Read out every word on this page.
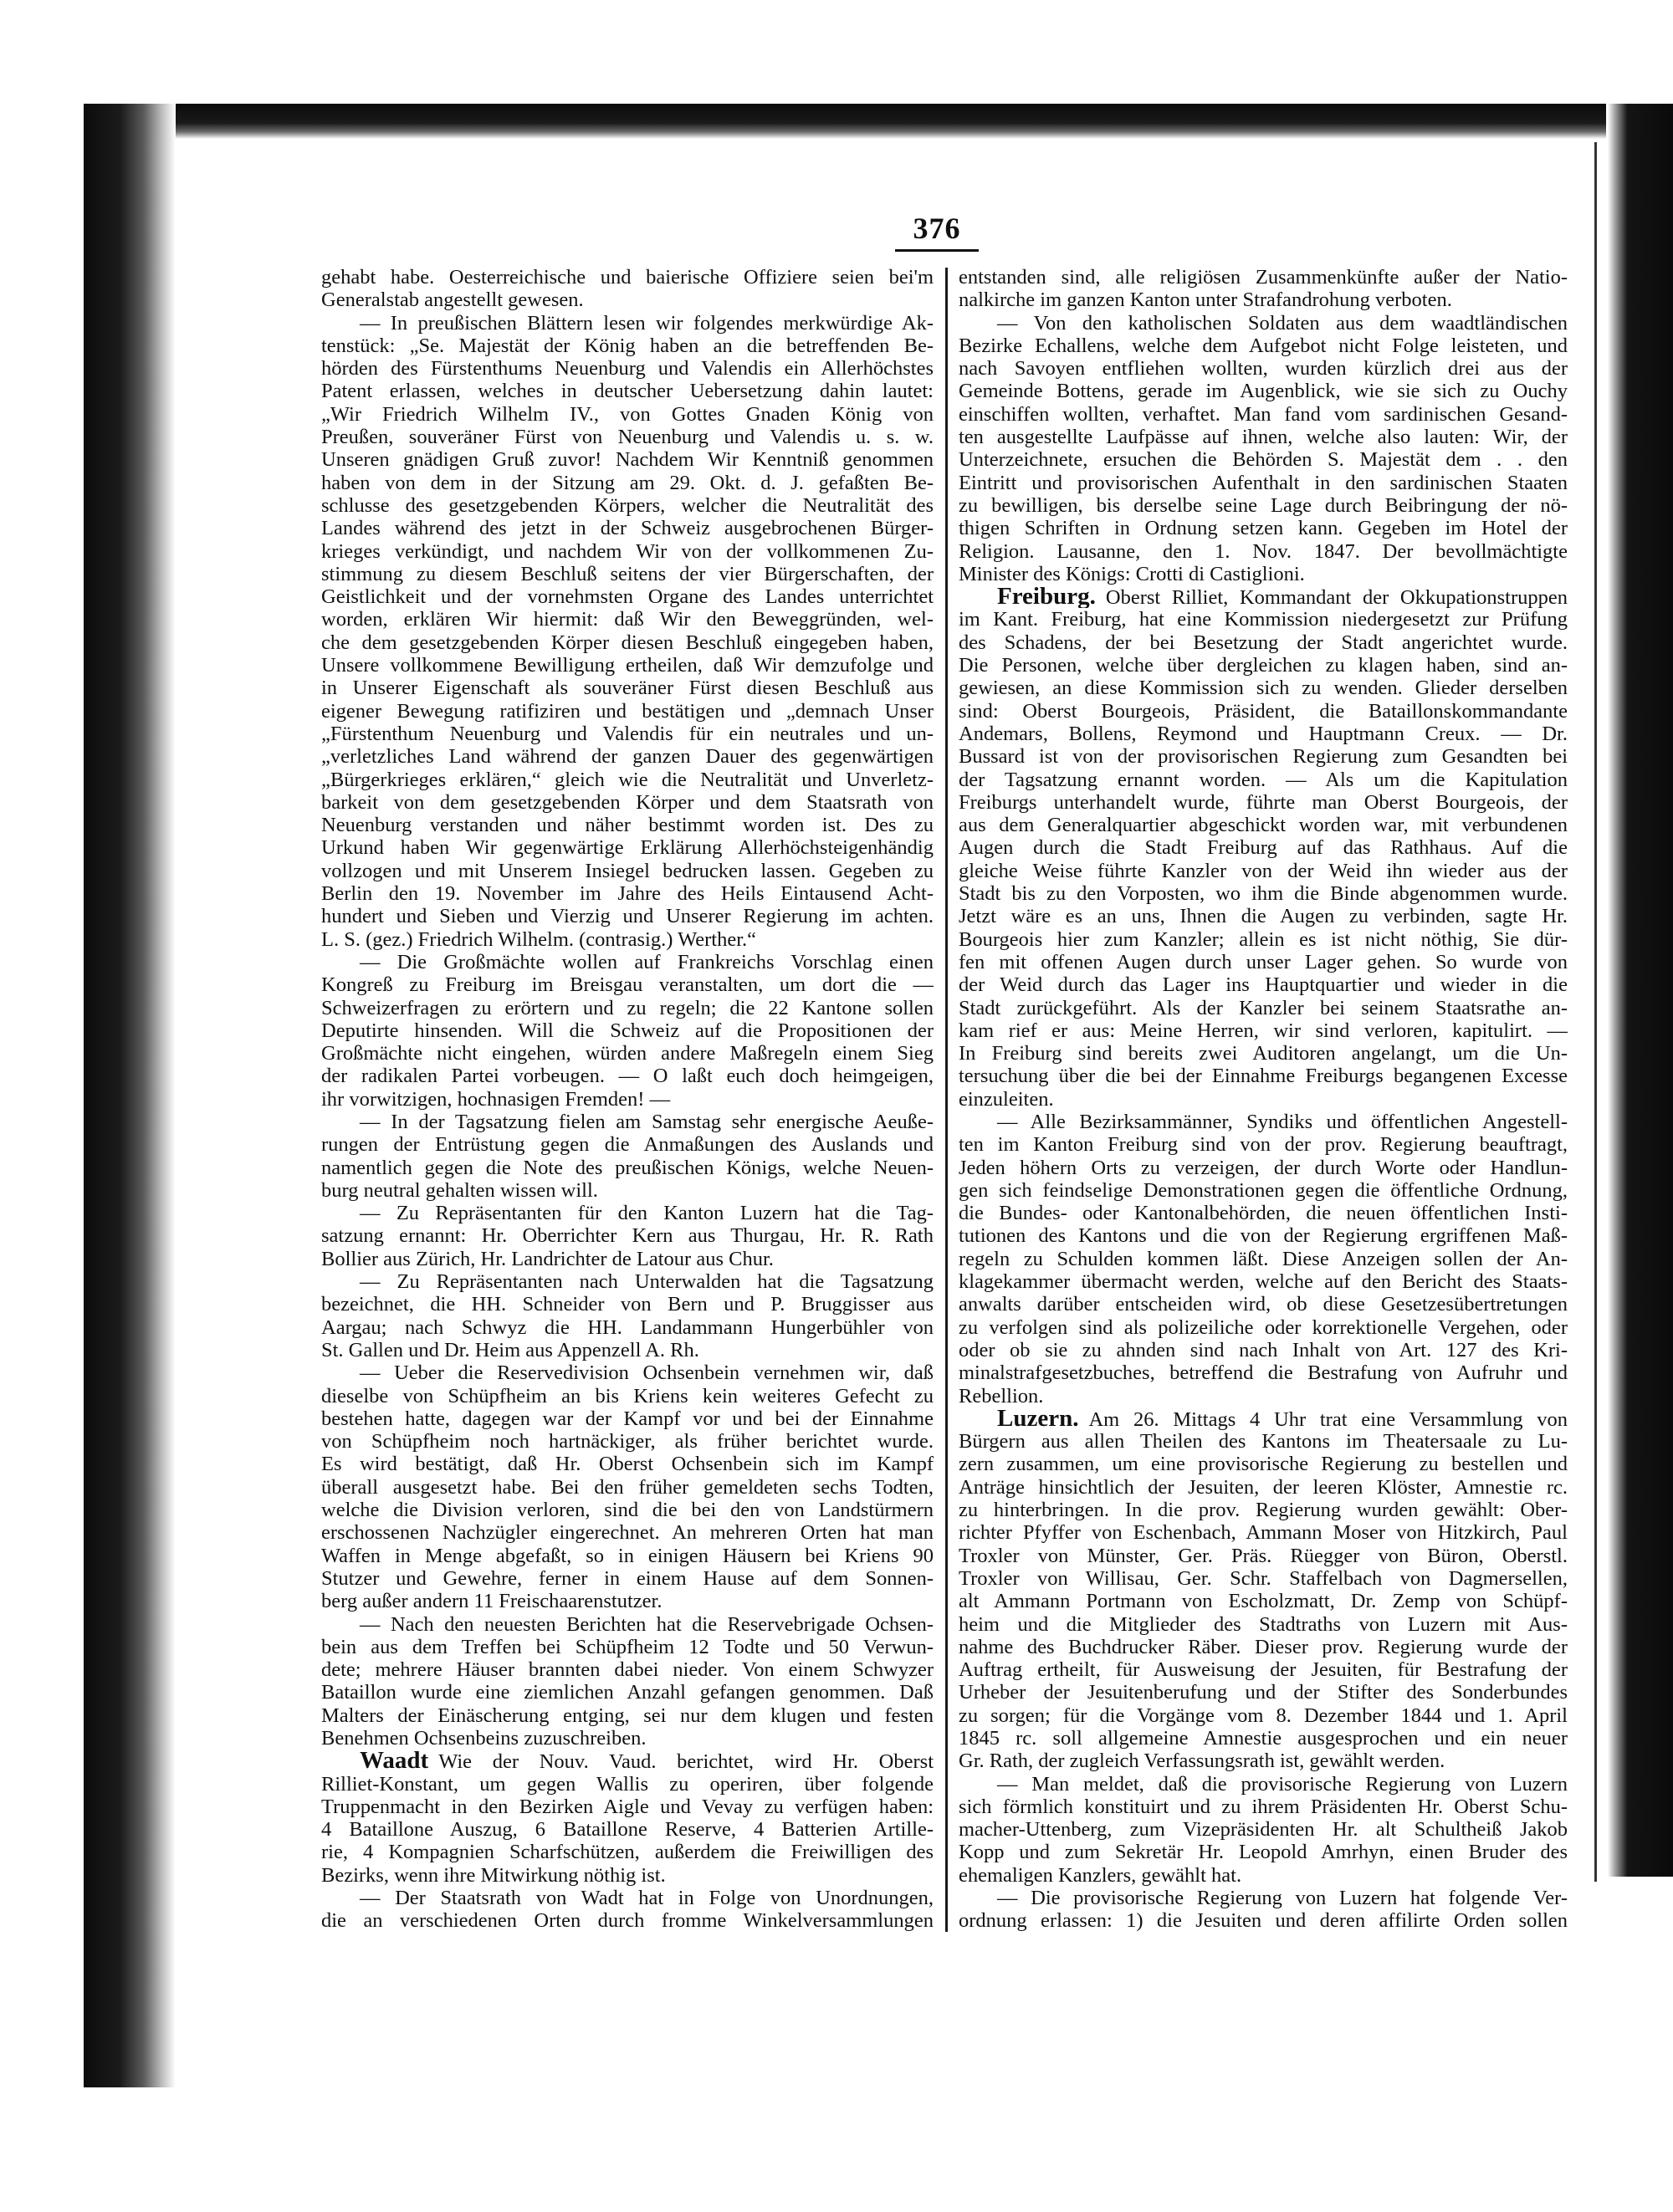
376
gehabt habe. Oesterreichische und baierische Offiziere seien bei'm
Generalstab angestellt gewesen.
— In preußischen Blättern lesen wir folgendes merkwürdige Ak-
tenstück: „Se. Majestät der König haben an die betreffenden Be-
hörden des Fürstenthums Neuenburg und Valendis ein Allerhöchstes
Patent erlassen, welches in deutscher Uebersetzung dahin lautet:
„Wir Friedrich Wilhelm IV., von Gottes Gnaden König von
Preußen, souveräner Fürst von Neuenburg und Valendis u. s. w.
Unseren gnädigen Gruß zuvor! Nachdem Wir Kenntniß genommen
haben von dem in der Sitzung am 29. Okt. d. J. gefaßten Be-
schlusse des gesetzgebenden Körpers, welcher die Neutralität des
Landes während des jetzt in der Schweiz ausgebrochenen Bürger-
krieges verkündigt, und nachdem Wir von der vollkommenen Zu-
stimmung zu diesem Beschluß seitens der vier Bürgerschaften, der
Geistlichkeit und der vornehmsten Organe des Landes unterrichtet
worden, erklären Wir hiermit: daß Wir den Beweggründen, wel-
che dem gesetzgebenden Körper diesen Beschluß eingegeben haben,
Unsere vollkommene Bewilligung ertheilen, daß Wir demzufolge und
in Unserer Eigenschaft als souveräner Fürst diesen Beschluß aus
eigener Bewegung ratifiziren und bestätigen und „demnach Unser
„Fürstenthum Neuenburg und Valendis für ein neutrales und un-
„verletzliches Land während der ganzen Dauer des gegenwärtigen
„Bürgerkrieges erklären,“ gleich wie die Neutralität und Unverletz-
barkeit von dem gesetzgebenden Körper und dem Staatsrath von
Neuenburg verstanden und näher bestimmt worden ist. Des zu
Urkund haben Wir gegenwärtige Erklärung Allerhöchsteigenhändig
vollzogen und mit Unserem Insiegel bedrucken lassen. Gegeben zu
Berlin den 19. November im Jahre des Heils Eintausend Acht-
hundert und Sieben und Vierzig und Unserer Regierung im achten.
L. S. (gez.) Friedrich Wilhelm. (contrasig.) Werther.“
— Die Großmächte wollen auf Frankreichs Vorschlag einen
Kongreß zu Freiburg im Breisgau veranstalten, um dort die —
Schweizerfragen zu erörtern und zu regeln; die 22 Kantone sollen
Deputirte hinsenden. Will die Schweiz auf die Propositionen der
Großmächte nicht eingehen, würden andere Maßregeln einem Sieg
der radikalen Partei vorbeugen. — O laßt euch doch heimgeigen,
ihr vorwitzigen, hochnasigen Fremden! —
— In der Tagsatzung fielen am Samstag sehr energische Aeuße-
rungen der Entrüstung gegen die Anmaßungen des Auslands und
namentlich gegen die Note des preußischen Königs, welche Neuen-
burg neutral gehalten wissen will.
— Zu Repräsentanten für den Kanton Luzern hat die Tag-
satzung ernannt: Hr. Oberrichter Kern aus Thurgau, Hr. R. Rath
Bollier aus Zürich, Hr. Landrichter de Latour aus Chur.
— Zu Repräsentanten nach Unterwalden hat die Tagsatzung
bezeichnet, die HH. Schneider von Bern und P. Bruggisser aus
Aargau; nach Schwyz die HH. Landammann Hungerbühler von
St. Gallen und Dr. Heim aus Appenzell A. Rh.
— Ueber die Reservedivision Ochsenbein vernehmen wir, daß
dieselbe von Schüpfheim an bis Kriens kein weiteres Gefecht zu
bestehen hatte, dagegen war der Kampf vor und bei der Einnahme
von Schüpfheim noch hartnäckiger, als früher berichtet wurde.
Es wird bestätigt, daß Hr. Oberst Ochsenbein sich im Kampf
überall ausgesetzt habe. Bei den früher gemeldeten sechs Todten,
welche die Division verloren, sind die bei den von Landstürmern
erschossenen Nachzügler eingerechnet. An mehreren Orten hat man
Waffen in Menge abgefaßt, so in einigen Häusern bei Kriens 90
Stutzer und Gewehre, ferner in einem Hause auf dem Sonnen-
berg außer andern 11 Freischaarenstutzer.
— Nach den neuesten Berichten hat die Reservebrigade Ochsen-
bein aus dem Treffen bei Schüpfheim 12 Todte und 50 Verwun-
dete; mehrere Häuser brannten dabei nieder. Von einem Schwyzer
Bataillon wurde eine ziemlichen Anzahl gefangen genommen. Daß
Malters der Einäscherung entging, sei nur dem klugen und festen
Benehmen Ochsenbeins zuzuschreiben.
Waadt Wie der Nouv. Vaud. berichtet, wird Hr. Oberst
Rilliet-Konstant, um gegen Wallis zu operiren, über folgende
Truppenmacht in den Bezirken Aigle und Vevay zu verfügen haben:
4 Bataillone Auszug, 6 Bataillone Reserve, 4 Batterien Artille-
rie, 4 Kompagnien Scharfschützen, außerdem die Freiwilligen des
Bezirks, wenn ihre Mitwirkung nöthig ist.
— Der Staatsrath von Wadt hat in Folge von Unordnungen,
die an verschiedenen Orten durch fromme Winkelversammlungen
entstanden sind, alle religiösen Zusammenkünfte außer der Natio-
nalkirche im ganzen Kanton unter Strafandrohung verboten.
— Von den katholischen Soldaten aus dem waadtländischen
Bezirke Echallens, welche dem Aufgebot nicht Folge leisteten, und
nach Savoyen entfliehen wollten, wurden kürzlich drei aus der
Gemeinde Bottens, gerade im Augenblick, wie sie sich zu Ouchy
einschiffen wollten, verhaftet. Man fand vom sardinischen Gesand-
ten ausgestellte Laufpässe auf ihnen, welche also lauten: Wir, der
Unterzeichnete, ersuchen die Behörden S. Majestät dem . . den
Eintritt und provisorischen Aufenthalt in den sardinischen Staaten
zu bewilligen, bis derselbe seine Lage durch Beibringung der nö-
thigen Schriften in Ordnung setzen kann. Gegeben im Hotel der
Religion. Lausanne, den 1. Nov. 1847. Der bevollmächtigte
Minister des Königs: Crotti di Castiglioni.
Freiburg. Oberst Rilliet, Kommandant der Okkupationstruppen
im Kant. Freiburg, hat eine Kommission niedergesetzt zur Prüfung
des Schadens, der bei Besetzung der Stadt angerichtet wurde.
Die Personen, welche über dergleichen zu klagen haben, sind an-
gewiesen, an diese Kommission sich zu wenden. Glieder derselben
sind: Oberst Bourgeois, Präsident, die Bataillonskommandante
Andemars, Bollens, Reymond und Hauptmann Creux. — Dr.
Bussard ist von der provisorischen Regierung zum Gesandten bei
der Tagsatzung ernannt worden. — Als um die Kapitulation
Freiburgs unterhandelt wurde, führte man Oberst Bourgeois, der
aus dem Generalquartier abgeschickt worden war, mit verbundenen
Augen durch die Stadt Freiburg auf das Rathhaus. Auf die
gleiche Weise führte Kanzler von der Weid ihn wieder aus der
Stadt bis zu den Vorposten, wo ihm die Binde abgenommen wurde.
Jetzt wäre es an uns, Ihnen die Augen zu verbinden, sagte Hr.
Bourgeois hier zum Kanzler; allein es ist nicht nöthig, Sie dür-
fen mit offenen Augen durch unser Lager gehen. So wurde von
der Weid durch das Lager ins Hauptquartier und wieder in die
Stadt zurückgeführt. Als der Kanzler bei seinem Staatsrathe an-
kam rief er aus: Meine Herren, wir sind verloren, kapitulirt. —
In Freiburg sind bereits zwei Auditoren angelangt, um die Un-
tersuchung über die bei der Einnahme Freiburgs begangenen Excesse
einzuleiten.
— Alle Bezirksammänner, Syndiks und öffentlichen Angestell-
ten im Kanton Freiburg sind von der prov. Regierung beauftragt,
Jeden höhern Orts zu verzeigen, der durch Worte oder Handlun-
gen sich feindselige Demonstrationen gegen die öffentliche Ordnung,
die Bundes- oder Kantonalbehörden, die neuen öffentlichen Insti-
tutionen des Kantons und die von der Regierung ergriffenen Maß-
regeln zu Schulden kommen läßt. Diese Anzeigen sollen der An-
klagekammer übermacht werden, welche auf den Bericht des Staats-
anwalts darüber entscheiden wird, ob diese Gesetzesübertretungen
zu verfolgen sind als polizeiliche oder korrektionelle Vergehen, oder
oder ob sie zu ahnden sind nach Inhalt von Art. 127 des Kri-
minalstrafgesetzbuches, betreffend die Bestrafung von Aufruhr und
Rebellion.
Luzern. Am 26. Mittags 4 Uhr trat eine Versammlung von
Bürgern aus allen Theilen des Kantons im Theatersaale zu Lu-
zern zusammen, um eine provisorische Regierung zu bestellen und
Anträge hinsichtlich der Jesuiten, der leeren Klöster, Amnestie rc.
zu hinterbringen. In die prov. Regierung wurden gewählt: Ober-
richter Pfyffer von Eschenbach, Ammann Moser von Hitzkirch, Paul
Troxler von Münster, Ger. Präs. Rüegger von Büron, Oberstl.
Troxler von Willisau, Ger. Schr. Staffelbach von Dagmersellen,
alt Ammann Portmann von Escholzmatt, Dr. Zemp von Schüpf-
heim und die Mitglieder des Stadtraths von Luzern mit Aus-
nahme des Buchdrucker Räber. Dieser prov. Regierung wurde der
Auftrag ertheilt, für Ausweisung der Jesuiten, für Bestrafung der
Urheber der Jesuitenberufung und der Stifter des Sonderbundes
zu sorgen; für die Vorgänge vom 8. Dezember 1844 und 1. April
1845 rc. soll allgemeine Amnestie ausgesprochen und ein neuer
Gr. Rath, der zugleich Verfassungsrath ist, gewählt werden.
— Man meldet, daß die provisorische Regierung von Luzern
sich förmlich konstituirt und zu ihrem Präsidenten Hr. Oberst Schu-
macher-Uttenberg, zum Vizepräsidenten Hr. alt Schultheiß Jakob
Kopp und zum Sekretär Hr. Leopold Amrhyn, einen Bruder des
ehemaligen Kanzlers, gewählt hat.
— Die provisorische Regierung von Luzern hat folgende Ver-
ordnung erlassen: 1) die Jesuiten und deren affilirte Orden sollen
